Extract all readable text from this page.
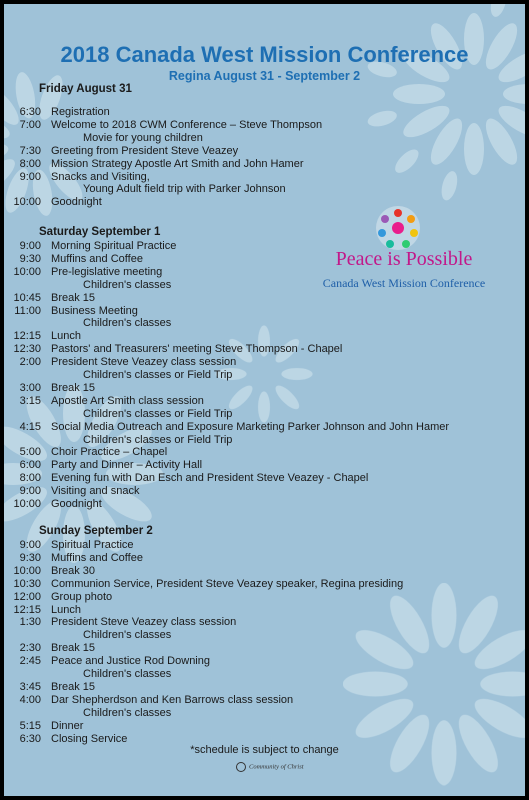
2018 Canada West Mission Conference
Regina August 31 - September 2
Friday August 31
6:30 Registration
7:00 Welcome to 2018 CWM Conference – Steve Thompson
Movie for young children
7:30 Greeting from President Steve Veazey
8:00 Mission Strategy Apostle Art Smith and John Hamer
9:00 Snacks and Visiting,
Young Adult field trip with Parker Johnson
10:00 Goodnight
Saturday September 1
9:00 Morning Spiritual Practice
9:30 Muffins and Coffee
10:00 Pre-legislative meeting
Children's classes
10:45 Break 15
11:00 Business Meeting
Children's classes
12:15 Lunch
12:30 Pastors' and Treasurers' meeting Steve Thompson - Chapel
2:00 President Steve Veazey class session
Children's classes or Field Trip
3:00 Break 15
3:15 Apostle Art Smith class session
Children's classes or Field Trip
4:15 Social Media Outreach and Exposure Marketing Parker Johnson and John Hamer
Children's classes or Field Trip
5:00 Choir Practice – Chapel
6:00 Party and Dinner – Activity Hall
8:00 Evening fun with Dan Esch and President Steve Veazey - Chapel
9:00 Visiting and snack
10:00 Goodnight
Sunday September 2
9:00 Spiritual Practice
9:30 Muffins and Coffee
10:00 Break 30
10:30 Communion Service, President Steve Veazey speaker, Regina presiding
12:00 Group photo
12:15 Lunch
1:30 President Steve Veazey class session
Children's classes
2:30 Break 15
2:45 Peace and Justice Rod Downing
Children's classes
3:45 Break 15
4:00 Dar Shepherdson and Ken Barrows class session
Children's classes
5:15 Dinner
6:30 Closing Service
Peace is Possible
Canada West Mission Conference
*schedule is subject to change
Community of Christ
